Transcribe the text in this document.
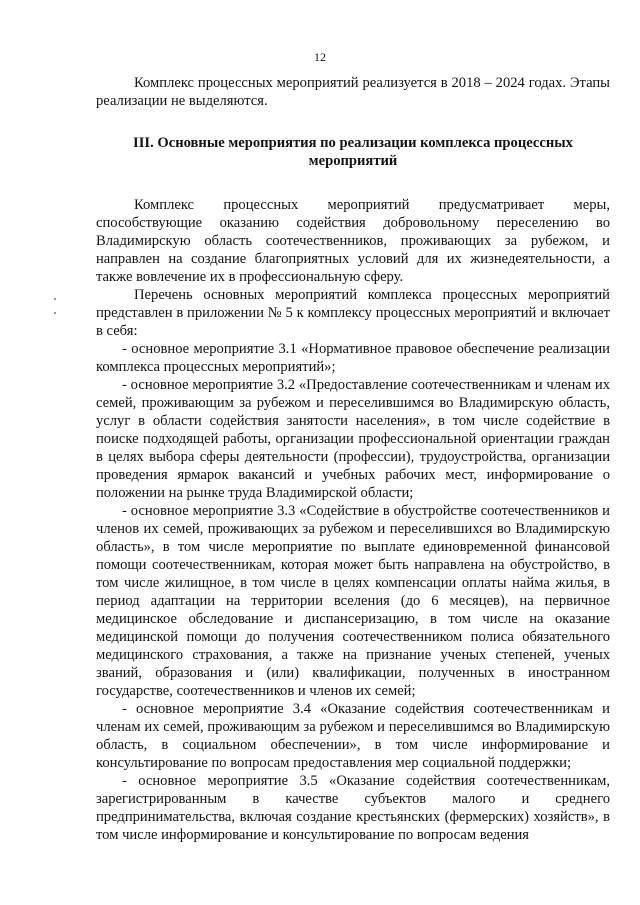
12

Комплекс процессных мероприятий реализуется в 2018 – 2024 годах. Этапы реализации не выделяются.

III. Основные мероприятия по реализации комплекса процессных мероприятий

Комплекс процессных мероприятий предусматривает меры, способствующие оказанию содействия добровольному переселению во Владимирскую область соотечественников, проживающих за рубежом, и направлен на создание благоприятных условий для их жизнедеятельности, а также вовлечение их в профессиональную сферу.

Перечень основных мероприятий комплекса процессных мероприятий представлен в приложении № 5 к комплексу процессных мероприятий и включает в себя:

- основное мероприятие 3.1 «Нормативное правовое обеспечение реализации комплекса процессных мероприятий»;

- основное мероприятие 3.2 «Предоставление соотечественникам и членам их семей, проживающим за рубежом и переселившимся во Владимирскую область, услуг в области содействия занятости населения», в том числе содействие в поиске подходящей работы, организации профессиональной ориентации граждан в целях выбора сферы деятельности (профессии), трудоустройства, организации проведения ярмарок вакансий и учебных рабочих мест, информирование о положении на рынке труда Владимирской области;

- основное мероприятие 3.3 «Содействие в обустройстве соотечественников и членов их семей, проживающих за рубежом и переселившихся во Владимирскую область», в том числе мероприятие по выплате единовременной финансовой помощи соотечественникам, которая может быть направлена на обустройство, в том числе жилищное, в том числе в целях компенсации оплаты найма жилья, в период адаптации на территории вселения (до 6 месяцев), на первичное медицинское обследование и диспансеризацию, в том числе на оказание медицинской помощи до получения соотечественником полиса обязательного медицинского страхования, а также на признание ученых степеней, ученых званий, образования и (или) квалификации, полученных в иностранном государстве, соотечественников и членов их семей;

- основное мероприятие 3.4 «Оказание содействия соотечественникам и членам их семей, проживающим за рубежом и переселившимся во Владимирскую область, в социальном обеспечении», в том числе информирование и консультирование по вопросам предоставления мер социальной поддержки;

- основное мероприятие 3.5 «Оказание содействия соотечественникам, зарегистрированным в качестве субъектов малого и среднего предпринимательства, включая создание крестьянских (фермерских) хозяйств», в том числе информирование и консультирование по вопросам ведения
